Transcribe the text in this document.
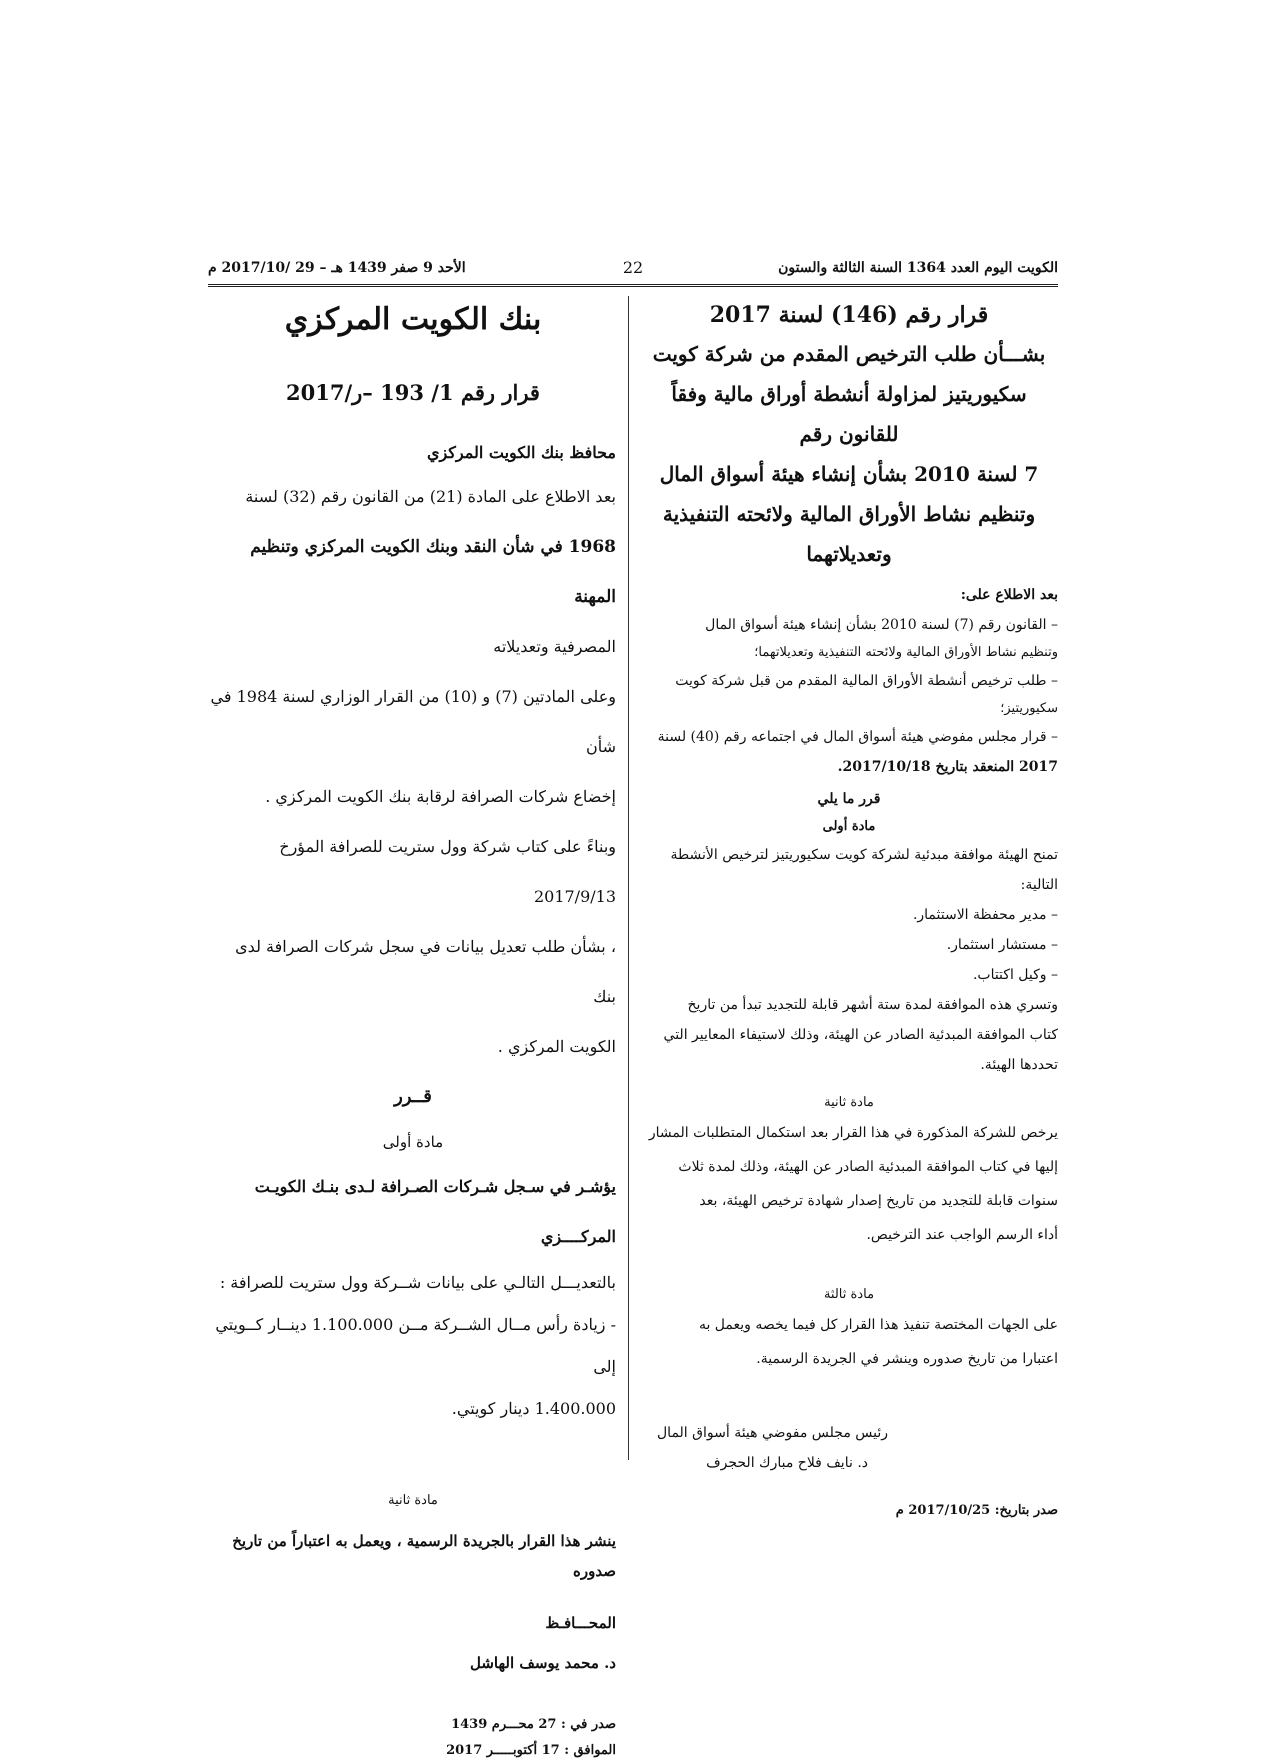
الكويت اليوم العدد 1364 السنة الثالثة والستون
22
الأحد 9 صفر 1439 هـ – 29 /2017/10 م
قرار رقم (146) لسنة 2017
بشـــأن طلب الترخيص المقدم من شركة كويت
سكيوريتيز لمزاولة أنشطة أوراق مالية وفقاً للقانون رقم
7 لسنة 2010 بشأن إنشاء هيئة أسواق المال
وتنظيم نشاط الأوراق المالية ولائحته التنفيذية
وتعديلاتهما
بعد الاطلاع على:
– القانون رقم (7) لسنة 2010 بشأن إنشاء هيئة أسواق المال
وتنظيم نشاط الأوراق المالية ولائحته التنفيذية وتعديلاتهما؛
– طلب ترخيص أنشطة الأوراق المالية المقدم من قبل شركة كويت
سكيوريتيز؛
– قرار مجلس مفوضي هيئة أسواق المال في اجتماعه رقم (40) لسنة
2017 المنعقد بتاريخ 2017/10/18.
قرر ما يلي
مادة أولى
تمنح الهيئة موافقة مبدئية لشركة كويت سكيوريتيز لترخيص الأنشطة
التالية:
– مدير محفظة الاستثمار.
– مستشار استثمار.
– وكيل اكتتاب.
وتسري هذه الموافقة لمدة ستة أشهر قابلة للتجديد تبدأ من تاريخ
كتاب الموافقة المبدئية الصادر عن الهيئة، وذلك لاستيفاء المعايير التي
تحددها الهيئة.
مادة ثانية
يرخص للشركة المذكورة في هذا القرار بعد استكمال المتطلبات المشار
إليها في كتاب الموافقة المبدئية الصادر عن الهيئة، وذلك لمدة ثلاث
سنوات قابلة للتجديد من تاريخ إصدار شهادة ترخيص الهيئة، بعد
أداء الرسم الواجب عند الترخيص.
مادة ثالثة
على الجهات المختصة تنفيذ هذا القرار كل فيما يخصه ويعمل به
اعتبارا من تاريخ صدوره وينشر في الجريدة الرسمية.
رئيس مجلس مفوضي هيئة أسواق المال
د. نايف فلاح مبارك الحجرف
صدر بتاريخ: 2017/10/25 م
بنك الكويت المركزي
قرار رقم 1/ 193 –ر/2017
محافظ بنك الكويت المركزي
بعد الاطلاع على المادة (21) من القانون رقم (32) لسنة
1968 في شأن النقد وبنك الكويت المركزي وتنظيم المهنة
المصرفية وتعديلاته
وعلى المادتين (7) و (10) من القرار الوزاري لسنة 1984 في شأن
إخضاع شركات الصرافة لرقابة بنك الكويت المركزي .
وبناءً على كتاب شركة وول ستريت للصرافة المؤرخ 2017/9/13
، بشأن طلب تعديل بيانات في سجل شركات الصرافة لدى بنك
الكويت المركزي .
قــرر
مادة أولى
يؤشـر في سـجل شـركات الصـرافة لـدى بنـك الكويـت المركــــزي
بالتعديـــل التالـي على بيانات شــركة وول ستريت للصرافة :
- زيادة رأس مــال الشــركة مــن 1.100.000 دينــار كــويتي إلى
1.400.000 دينار كويتي.
مادة ثانية
ينشر هذا القرار بالجريدة الرسمية ، ويعمل به اعتباراً من تاريخ صدوره
المحـــافـظ
د. محمد يوسف الهاشل
صدر في : 27 محـــرم 1439
الموافق : 17 أكتوبـــــر 2017
